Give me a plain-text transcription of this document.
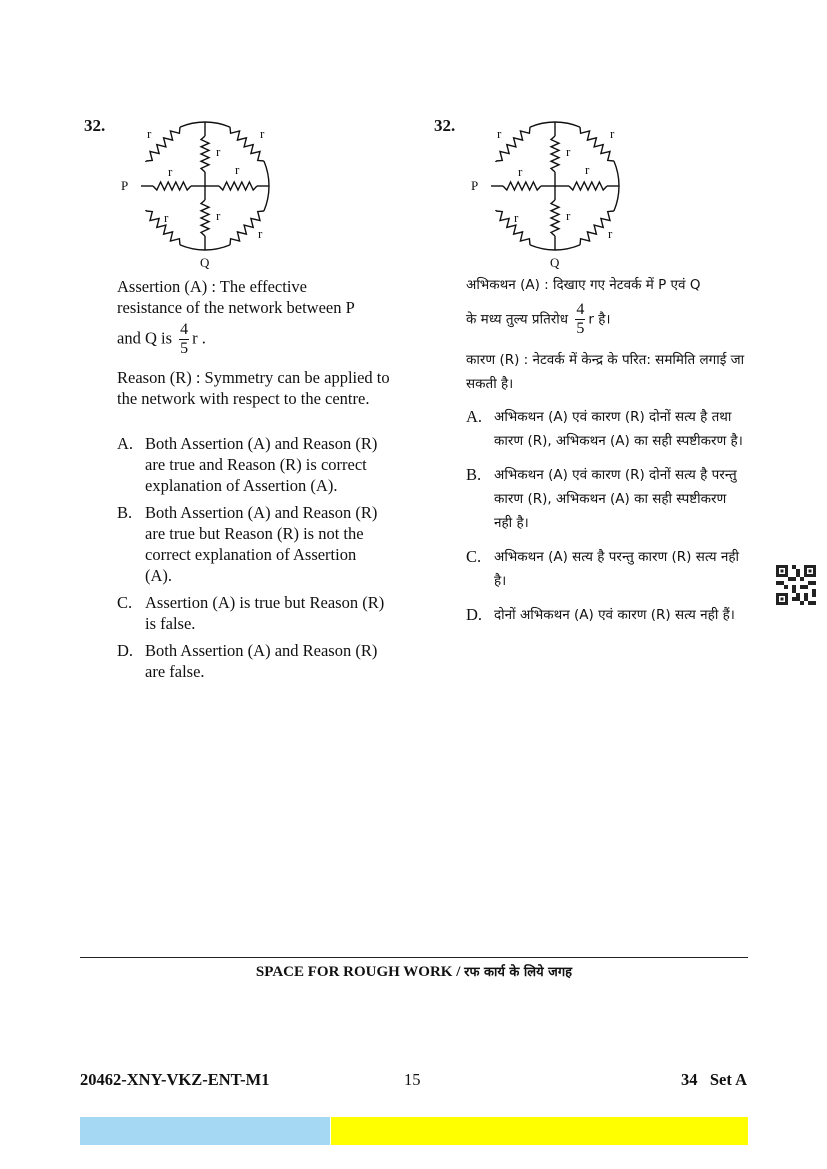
32.
P
Q
r	r
r
r	r
r	r
r
Assertion (A) : The effective
resistance of the network between P
and Q is $\frac{4}{5}$ r .
Reason (R) : Symmetry can be applied to the network with respect to the centre.
A. Both Assertion (A) and Reason (R) are true and Reason (R) is correct explanation of Assertion (A).
B. Both Assertion (A) and Reason (R) are true but Reason (R) is not the correct explanation of Assertion (A).
C. Assertion (A) is true but Reason (R) is false.
D. Both Assertion (A) and Reason (R) are false.
32.
P
Q
r	r
r
r	r
r	r
r
अभिकथन (A) : दिखाए गए नेटवर्क में P एवं Q
के मध्य तुल्य प्रतिरोध $\frac{4}{5}$ r है।
कारण (R) : नेटवर्क में केन्द्र के परित: सममिति लगाई जा सकती है।
A. अभिकथन (A) एवं कारण (R) दोनों सत्य है तथा कारण (R), अभिकथन (A) का सही स्पष्टीकरण है।
B. अभिकथन (A) एवं कारण (R) दोनों सत्य है परन्तु कारण (R), अभिकथन (A) का सही स्पष्टीकरण नही है।
C. अभिकथन (A) सत्य है परन्तु कारण (R) सत्य नही है।
D. दोनों अभिकथन (A) एवं कारण (R) सत्य नही हैं।
SPACE FOR ROUGH WORK / रफ कार्य के लिये जगह
20462-XNY-VKZ-ENT-M1	15	34   Set A
